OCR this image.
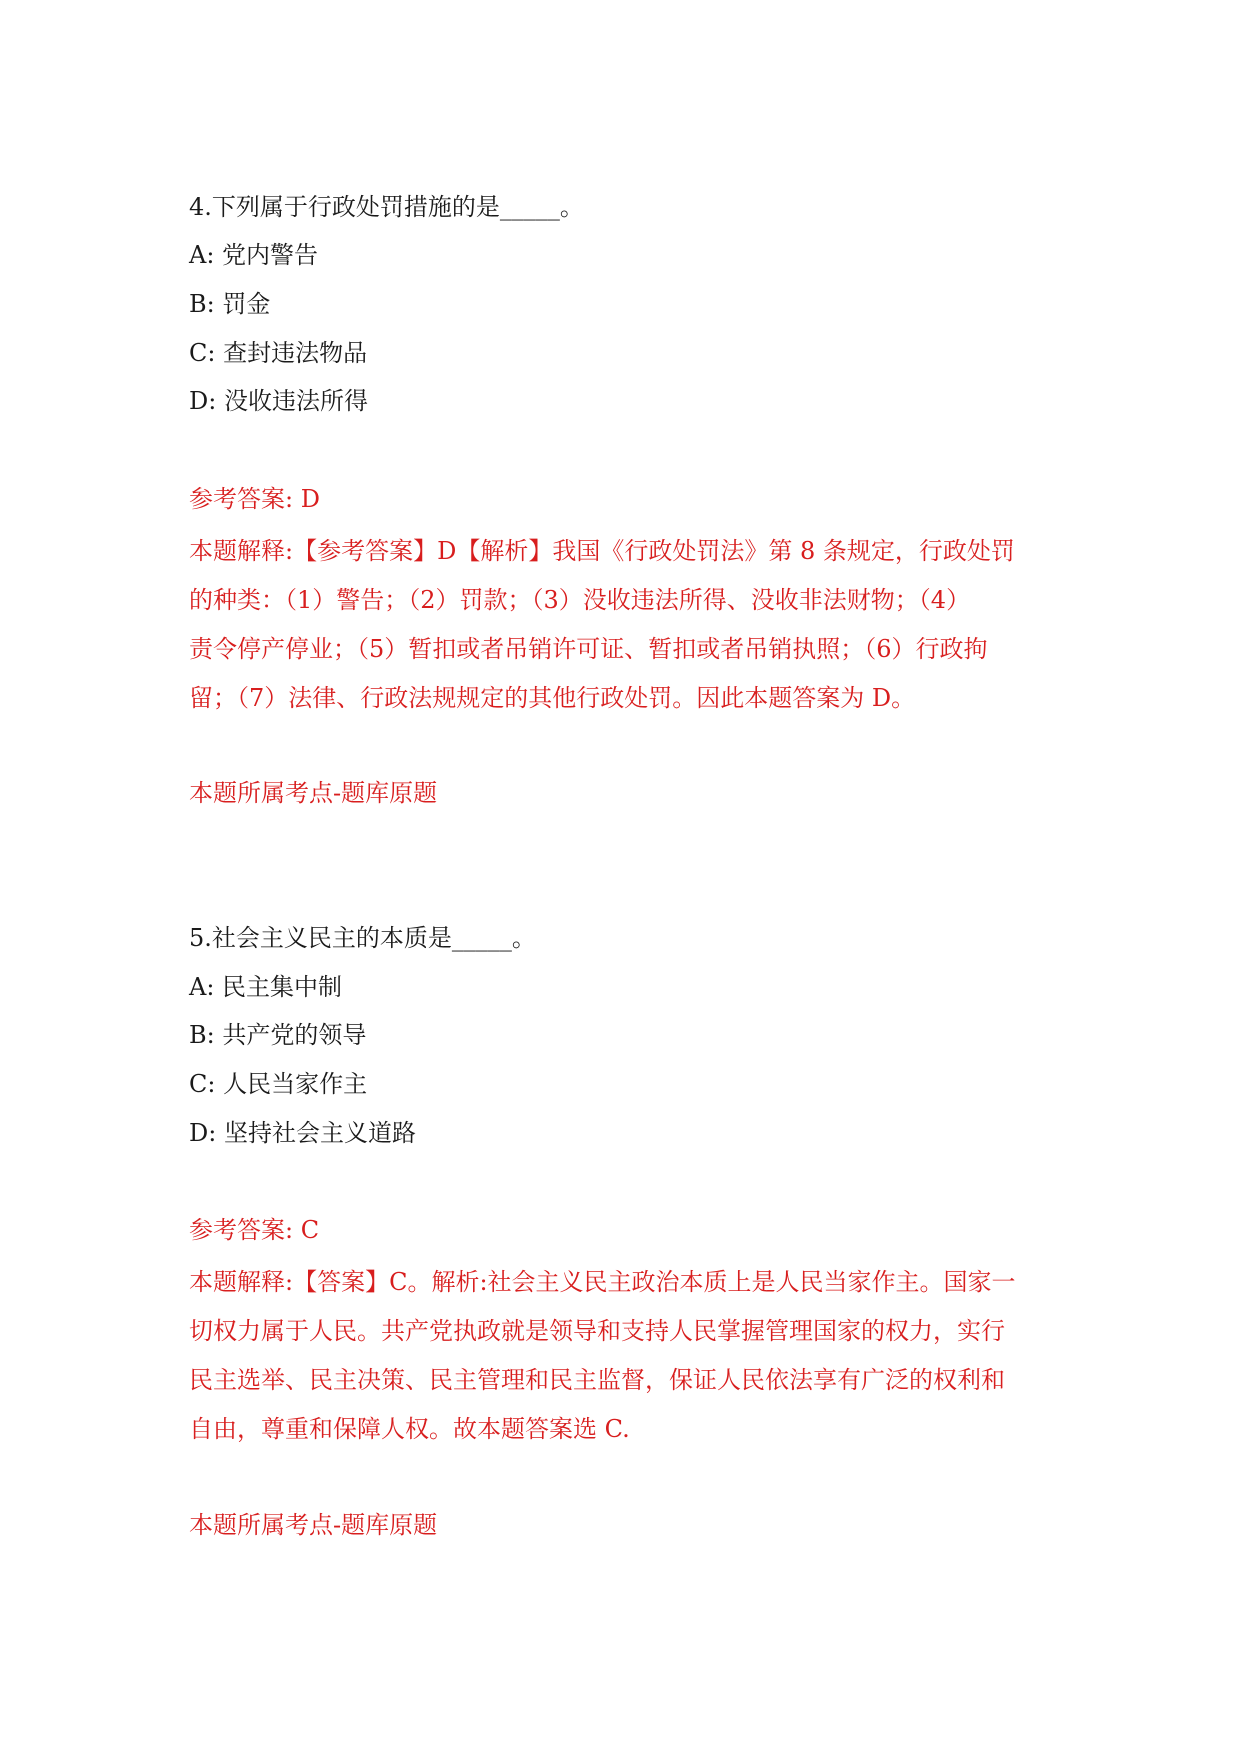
4.下列属于行政处罚措施的是_____。
A: 党内警告
B: 罚金
C: 查封违法物品
D: 没收违法所得
参考答案: D
本题解释:【参考答案】D【解析】我国《行政处罚法》第 8 条规定，行政处罚
的种类：（1）警告；（2）罚款；（3）没收违法所得、没收非法财物；（4）
责令停产停业；（5）暂扣或者吊销许可证、暂扣或者吊销执照；（6）行政拘
留；（7）法律、行政法规规定的其他行政处罚。因此本题答案为 D。
本题所属考点-题库原题
5.社会主义民主的本质是_____。
A: 民主集中制
B: 共产党的领导
C: 人民当家作主
D: 坚持社会主义道路
参考答案: C
本题解释:【答案】C。解析:社会主义民主政治本质上是人民当家作主。国家一
切权力属于人民。共产党执政就是领导和支持人民掌握管理国家的权力，实行
民主选举、民主决策、民主管理和民主监督，保证人民依法享有广泛的权利和
自由，尊重和保障人权。故本题答案选 C.
本题所属考点-题库原题
